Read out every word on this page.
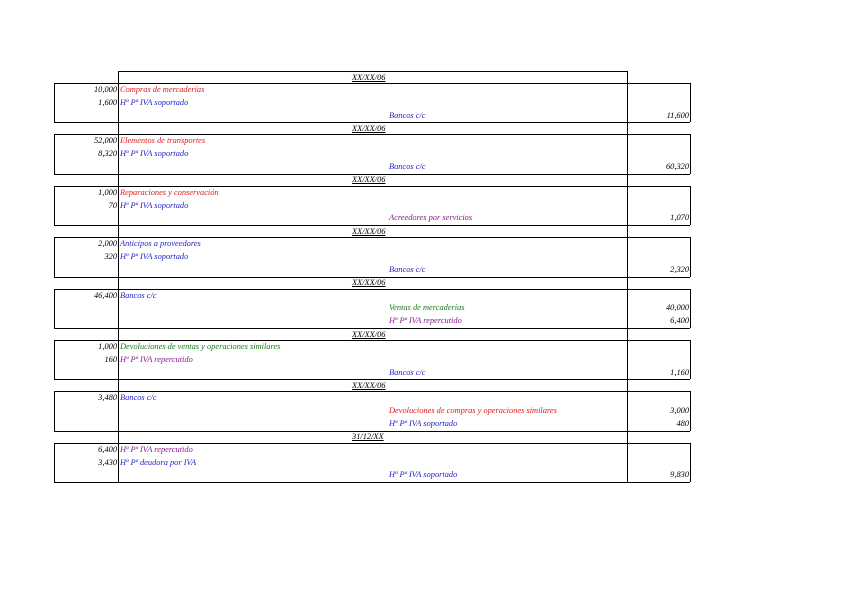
XX/XX/06
10,000 Compras de mercaderías
1,600 Hª Pª IVA soportado
Bancos c/c	11,600
XX/XX/06
52,000 Elementos de transportes
8,320 Hª Pª IVA soportado
Bancos c/c	60,320
XX/XX/06
1,000 Reparaciones y conservación
70 Hª Pª IVA soportado
Acreedores por servicios	1,070
XX/XX/06
2,000 Anticipos a proveedores
320 Hª Pª IVA soportado
Bancos c/c	2,320
XX/XX/06
46,400 Bancos c/c
Ventas de mercaderías	40,000
Hª Pª IVA repercutido	6,400
XX/XX/06
1,000 Devoluciones de ventas y operaciones similares
160 Hª Pª IVA repercutido
Bancos c/c	1,160
XX/XX/06
3,480 Bancos c/c
Devoluciones de compras y operaciones similares	3,000
Hª Pª IVA soportado	480
31/12/XX
6,400 Hª Pª IVA repercutido
3,430 Hª Pª deudora por IVA
Hª Pª IVA soportado	9,830
